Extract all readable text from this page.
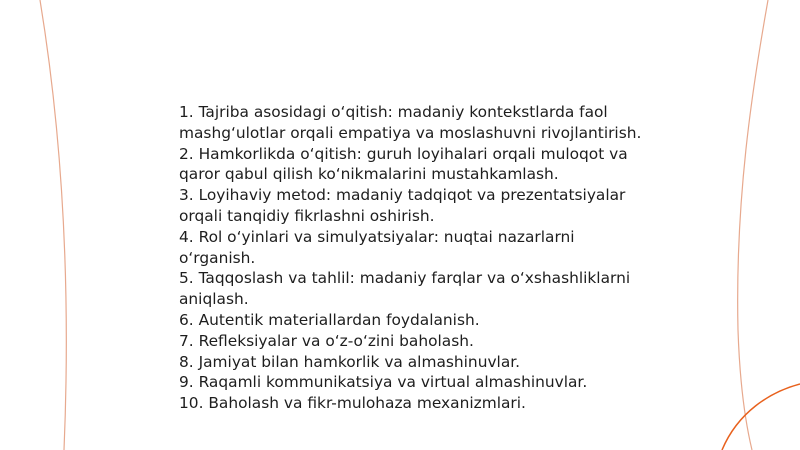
1. Tajriba asosidagi o‘qitish: madaniy kontekstlarda faol mashg‘ulotlar orqali empatiya va moslashuvni rivojlantirish.

2. Hamkorlikda o‘qitish: guruh loyihalari orqali muloqot va qaror qabul qilish ko‘nikmalarini mustahkamlash.

3. Loyihaviy metod: madaniy tadqiqot va prezentatsiyalar orqali tanqidiy fikrlashni oshirish.

4. Rol o‘yinlari va simulyatsiyalar: nuqtai nazarlarni o‘rganish.

5. Taqqoslash va tahlil: madaniy farqlar va o‘xshashliklarni aniqlash.

6. Autentik materiallardan foydalanish.

7. Refleksiyalar va o‘z-o‘zini baholash.

8. Jamiyat bilan hamkorlik va almashinuvlar.

9. Raqamli kommunikatsiya va virtual almashinuvlar.

10. Baholash va fikr-mulohaza mexanizmlari.
